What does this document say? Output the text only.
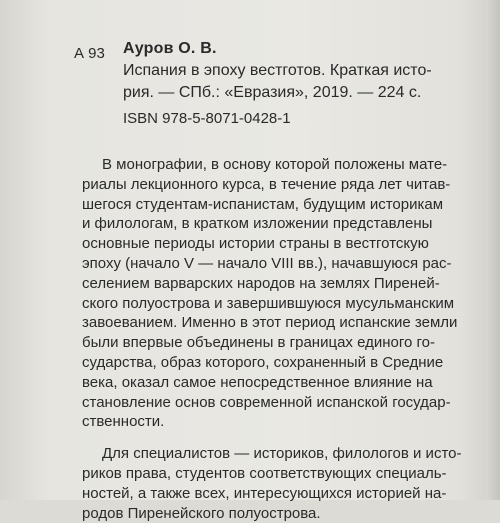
А 93 Ауров О. В.
Испания в эпоху вестготов. Краткая исто-
рия. — СПб.: «Евразия», 2019. — 224 с.
ISBN 978-5-8071-0428-1
В монографии, в основу которой положены мате-
риалы лекционного курса, в течение ряда лет читав-
шегося студентам-испанистам, будущим историкам
и филологам, в кратком изложении представлены
основные периоды истории страны в вестготскую
эпоху (начало V — начало VIII вв.), начавшуюся рас-
селением варварских народов на землях Пирeней-
ского полуострова и завершившуюся мусульманским
завоеванием. Именно в этот период испанские земли
были впервые объединены в границах единого го-
сударства, образ которого, сохраненный в Средние
века, оказал самое непосредственное влияние на
становление основ современной испанской государ-
ственности.
Для специалистов — историков, филологов и исто-
риков права, студентов соответствующих специаль-
ностей, а также всех, интересующихся историей на-
родов Пиренейского полуострова.
